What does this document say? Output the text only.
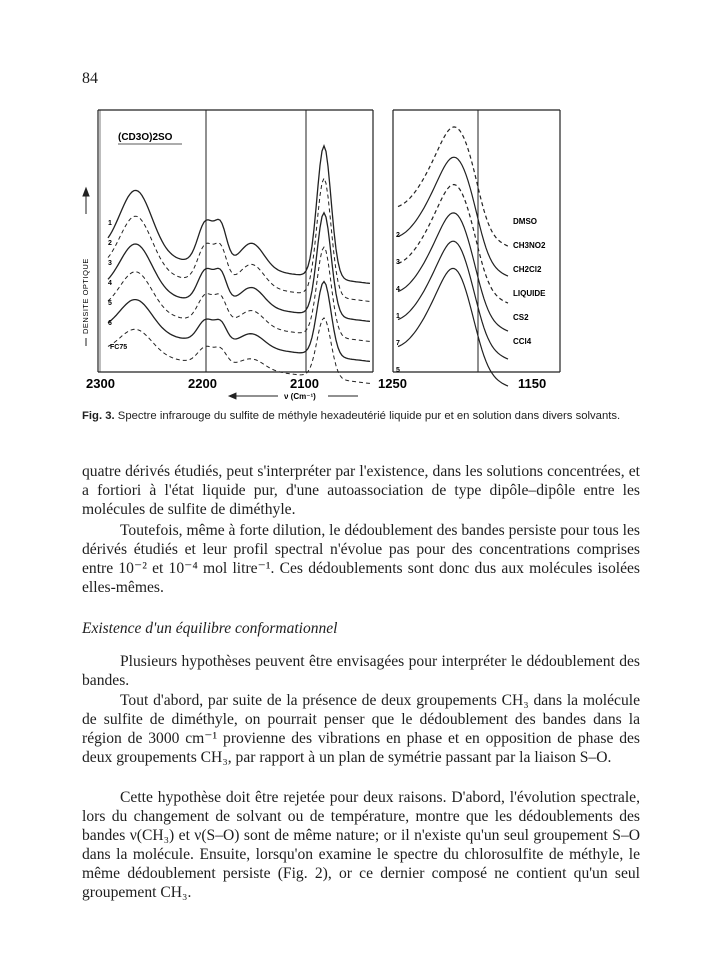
84
(CD3O)2SO
DENSITE OPTIQUE
1
2
3
4
5
6
FC75
2
DMSO
3
CH3NO2
4
CH2Cl2
1
LIQUIDE
7
CS2
5
CCl4
2300	2200	2100	1250	1150
ν (Cm⁻¹)
Fig. 3. Spectre infrarouge du sulfite de méthyle hexadeutérié liquide pur et en solution dans divers solvants.
quatre dérivés étudiés, peut s'interpréter par l'existence, dans les solutions concentrées, et a fortiori à l'état liquide pur, d'une autoassociation de type dipôle–dipôle entre les molécules de sulfite de diméthyle.
Toutefois, même à forte dilution, le dédoublement des bandes persiste pour tous les dérivés étudiés et leur profil spectral n'évolue pas pour des concentrations comprises entre 10⁻² et 10⁻⁴ mol litre⁻¹. Ces dédoublements sont donc dus aux molécules isolées elles-mêmes.
Existence d'un équilibre conformationnel
Plusieurs hypothèses peuvent être envisagées pour interpréter le dédoublement des bandes.
Tout d'abord, par suite de la présence de deux groupements CH₃ dans la molécule de sulfite de diméthyle, on pourrait penser que le dédoublement des bandes dans la région de 3000 cm⁻¹ provienne des vibrations en phase et en opposition de phase des deux groupements CH₃, par rapport à un plan de symétrie passant par la liaison S–O.
Cette hypothèse doit être rejetée pour deux raisons. D'abord, l'évolution spectrale, lors du changement de solvant ou de température, montre que les dédoublements des bandes ν(CH₃) et ν(S–O) sont de même nature; or il n'existe qu'un seul groupement S–O dans la molécule. Ensuite, lorsqu'on examine le spectre du chlorosulfite de méthyle, le même dédoublement persiste (Fig. 2), or ce dernier composé ne contient qu'un seul groupement CH₃.
